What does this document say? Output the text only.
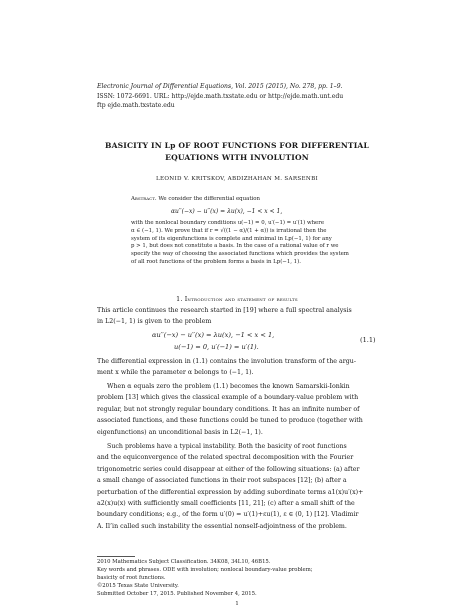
Electronic Journal of Differential Equations, Vol. 2015 (2015), No. 278, pp. 1–9.
ISSN: 1072-6691. URL: http://ejde.math.txstate.edu or http://ejde.math.unt.edu
ftp ejde.math.txstate.edu
BASICITY IN Lp OF ROOT FUNCTIONS FOR DIFFERENTIAL
EQUATIONS WITH INVOLUTION
LEONID V. KRITSKOV, ABDIZHAHAN M. SARSENBI
Abstract. We consider the differential equation
αu′′(−x) − u′′(x) = λu(x), −1 < x < 1,
with the nonlocal boundary conditions u(−1) = 0, u′(−1) = u′(1) where
α ∈ (−1, 1). We prove that if r = √((1 − α)/(1 + α)) is irrational then the
system of its eigenfunctions is complete and minimal in Lp(−1, 1) for any
p > 1, but does not constitute a basis. In the case of a rational value of r we
specify the way of choosing the associated functions which provides the system
of all root functions of the problem forms a basis in Lp(−1, 1).
1. Introduction and statement of results
This article continues the research started in [19] where a full spectral analysis
in L2(−1, 1) is given to the problem
αu′′(−x) − u′′(x) = λu(x), −1 < x < 1,
u(−1) = 0, u′(−1) = u′(1).
(1.1)
The differential expression in (1.1) contains the involution transform of the argu-
ment x while the parameter α belongs to (−1, 1).
When α equals zero the problem (1.1) becomes the known Samarskii-Ionkin
problem [13] which gives the classical example of a boundary-value problem with
regular, but not strongly regular boundary conditions. It has an infinite number of
associated functions, and these functions could be tuned to produce (together with
eigenfunctions) an unconditional basis in L2(−1, 1).
Such problems have a typical instability. Both the basicity of root functions
and the equiconvergence of the related spectral decomposition with the Fourier
trigonometric series could disappear at either of the following situations: (a) after
a small change of associated functions in their root subspaces [12]; (b) after a
perturbation of the differential expression by adding subordinate terms a1(x)u′(x)+
a2(x)u(x) with sufficiently small coefficients [11, 21]; (c) after a small shift of the
boundary conditions; e.g., of the form u′(0) = u′(1)+εu(1), ε ∈ (0, 1) [12]. Vladimir
A. Il’in called such instability the essential nonself-adjointness of the problem.
2010 Mathematics Subject Classification. 34K08, 34L10, 46B15.
Key words and phrases. ODE with involution; nonlocal boundary-value problem;
basicity of root functions.
©2015 Texas State University.
Submitted October 17, 2015. Published November 4, 2015.
1
